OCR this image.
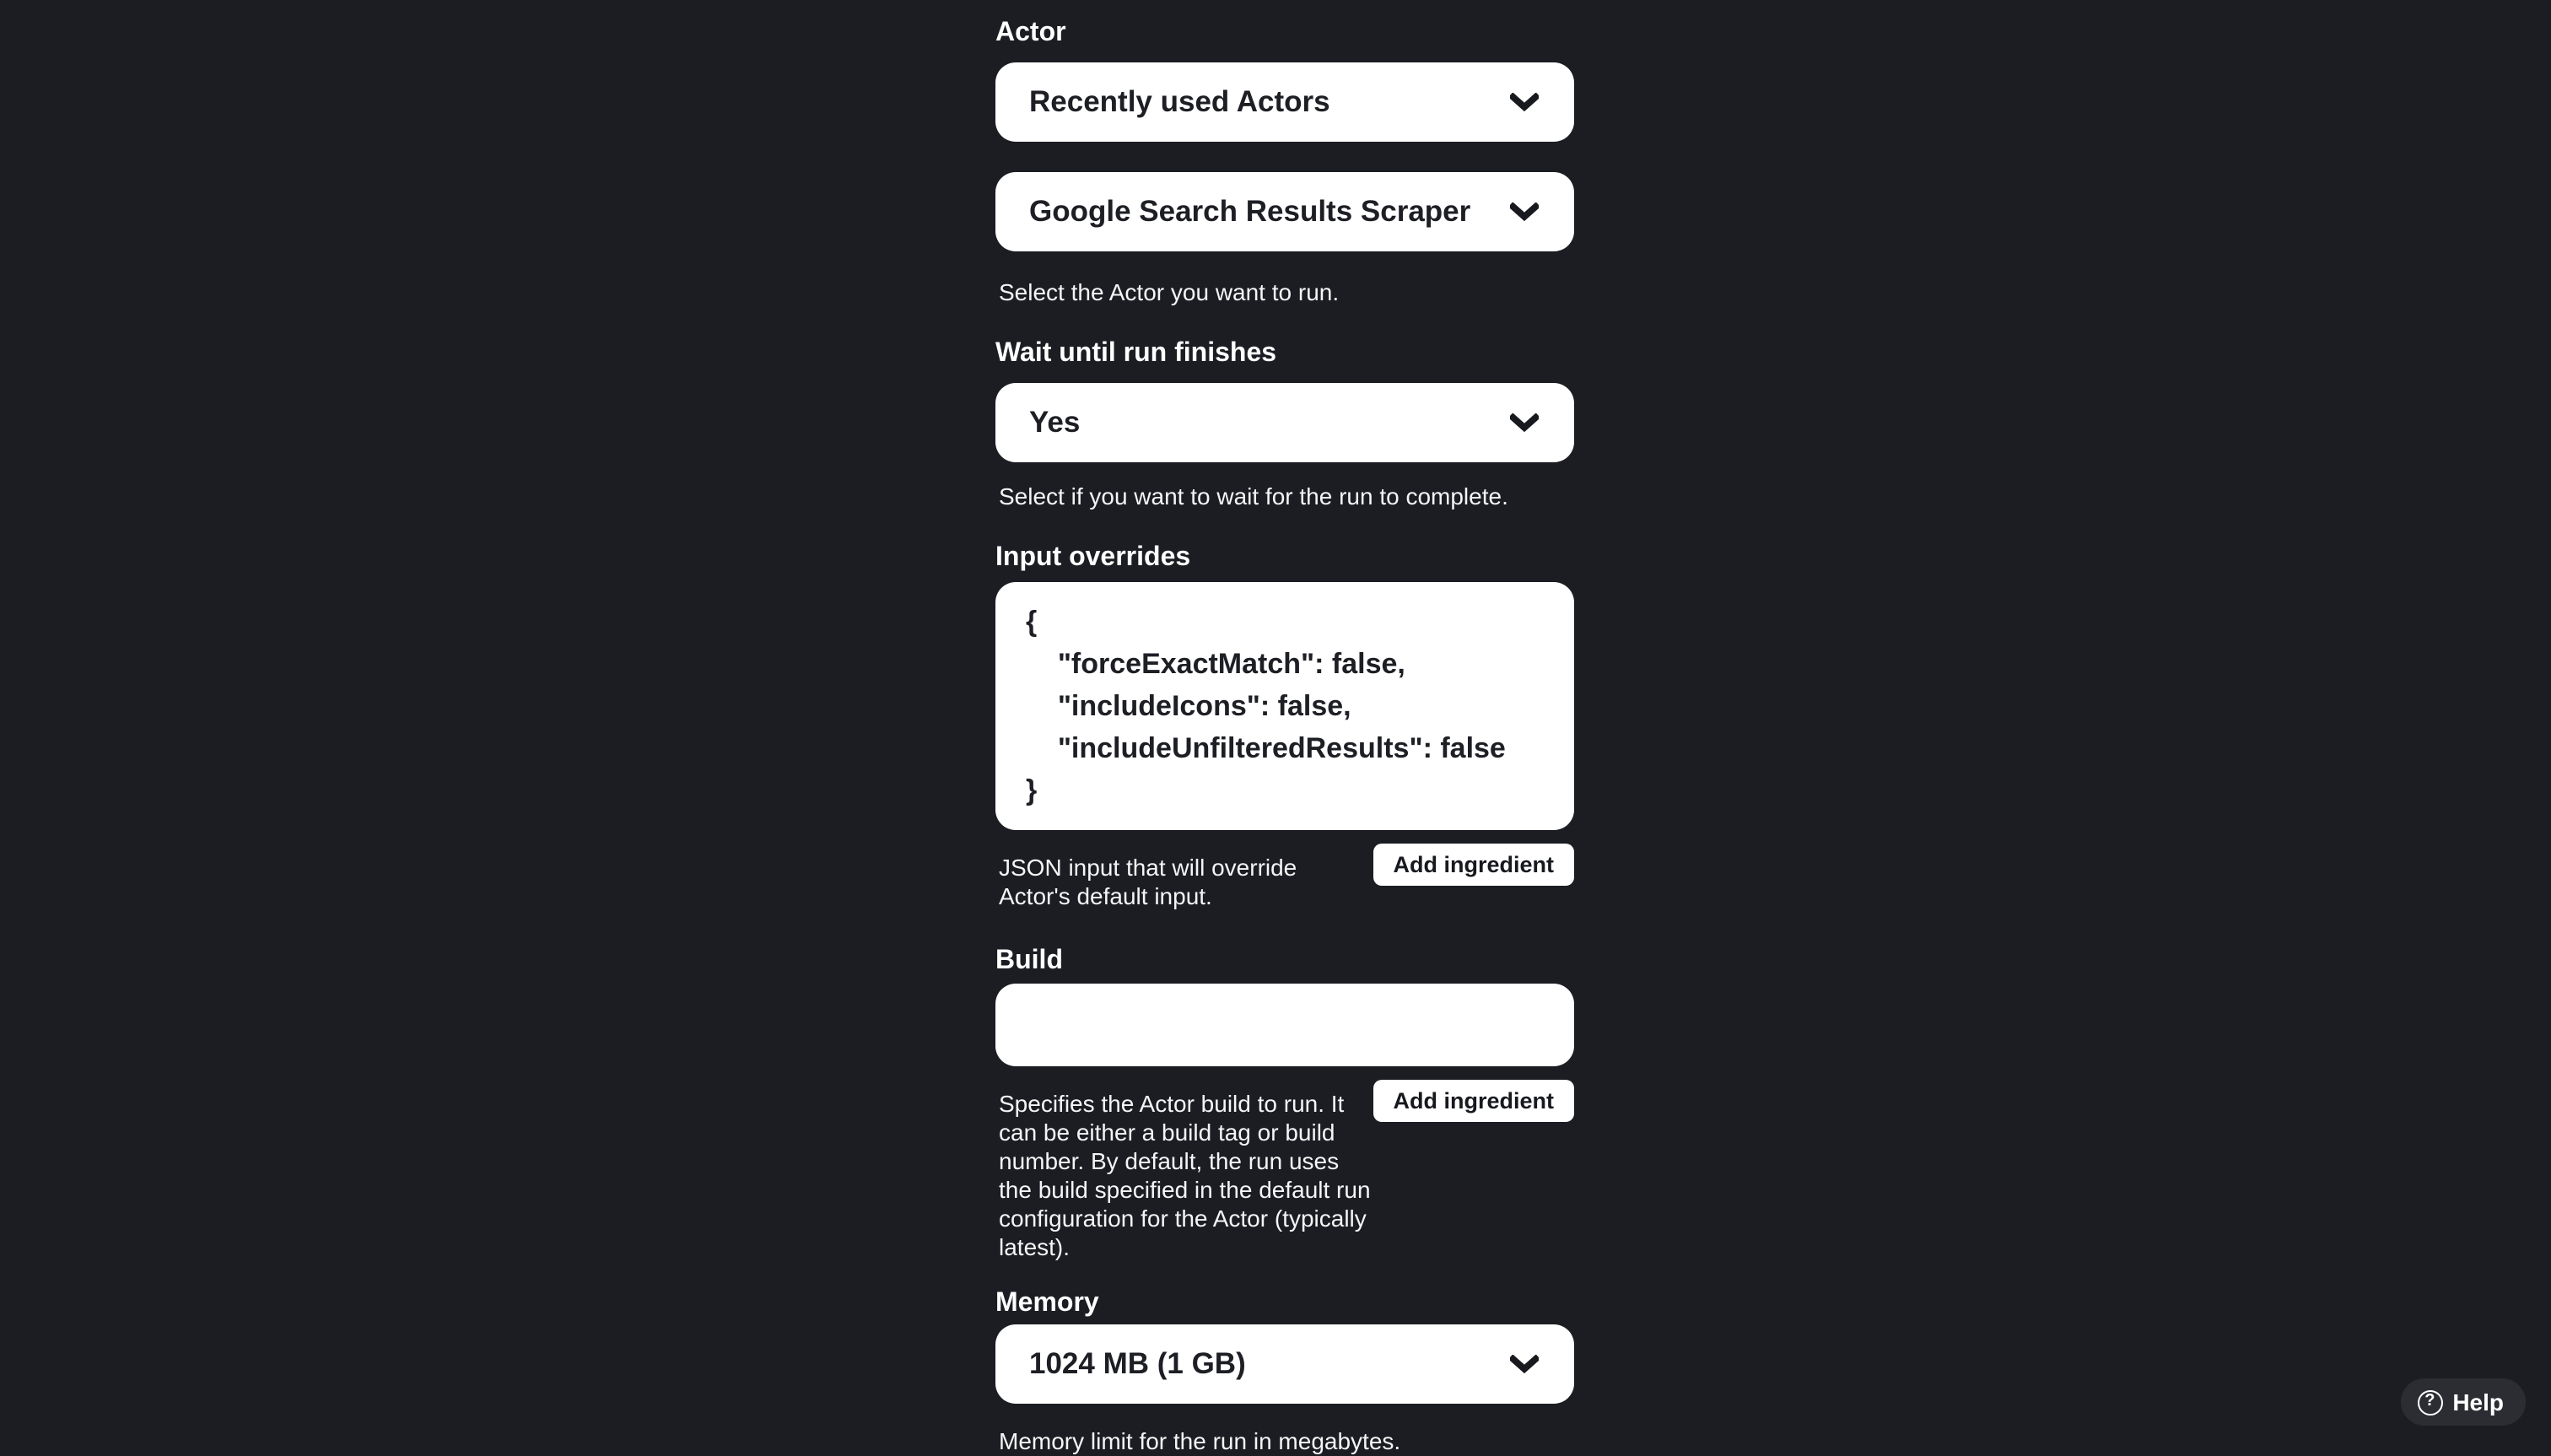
Actor
Recently used Actors
Google Search Results Scraper
Select the Actor you want to run.
Wait until run finishes
Yes
Select if you want to wait for the run to complete.
Input overrides
{ "forceExactMatch": false, "includeIcons": false, "includeUnfilteredResults": false }
JSON input that will override Actor's default input.
Add ingredient
Build
Specifies the Actor build to run. It can be either a build tag or build number. By default, the run uses the build specified in the default run configuration for the Actor (typically latest).
Add ingredient
Memory
1024 MB (1 GB)
Memory limit for the run in megabytes.
?	Help
